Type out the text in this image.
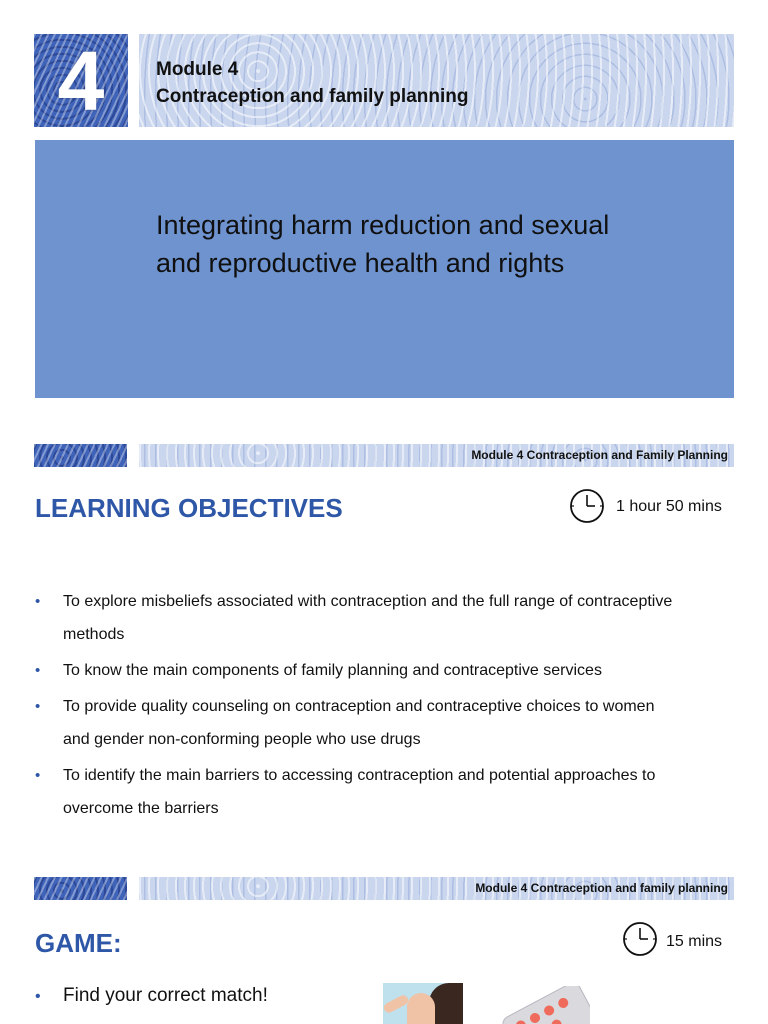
4	Module 4
Contraception and family planning
Integrating harm reduction and sexual and reproductive health and rights
Module 4 Contraception and Family Planning
LEARNING OBJECTIVES	1 hour 50 mins
• To explore misbeliefs associated with contraception and the full range of contraceptive methods
• To know the main components of family planning and contraceptive services
• To provide quality counseling on contraception and contraceptive choices to women and gender non-conforming people who use drugs
• To identify the main barriers to accessing contraception and potential approaches to overcome the barriers
Module 4 Contraception and family planning
GAME:	15 mins
• Find your correct match!
